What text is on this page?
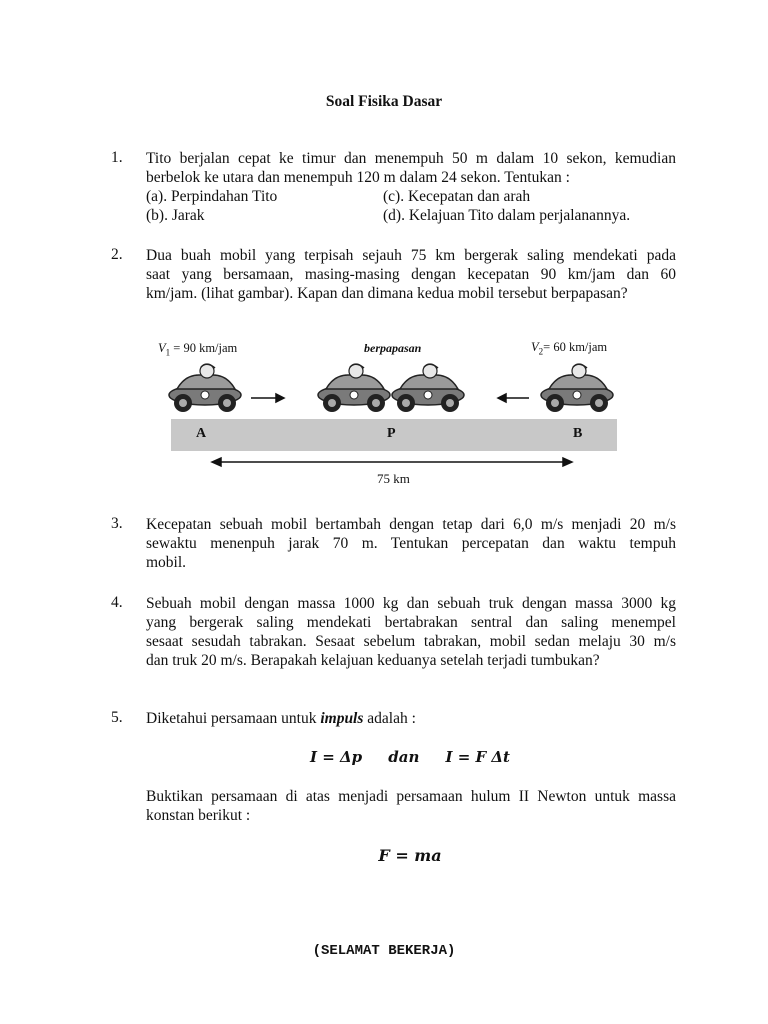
Soal Fisika Dasar
1. Tito berjalan cepat ke timur dan menempuh 50 m dalam 10 sekon, kemudian
berbelok ke utara dan menempuh 120 m dalam 24 sekon. Tentukan :
(a). Perpindahan Tito	(c). Kecepatan dan arah
(b). Jarak	(d). Kelajuan Tito dalam perjalanannya.
2. Dua buah mobil yang terpisah sejauh 75 km bergerak saling mendekati pada
saat yang bersamaan, masing-masing dengan kecepatan 90 km/jam dan 60
km/jam. (lihat gambar). Kapan dan dimana kedua mobil tersebut berpapasan?
$V_1 = 90$ km/jam	berpapasan	$V_2= 60$ km/jam
A	P	B
75 km
3. Kecepatan sebuah mobil bertambah dengan tetap dari 6,0 m/s menjadi 20 m/s
sewaktu menenpuh jarak 70 m. Tentukan percepatan dan waktu tempuh
mobil.
4. Sebuah mobil dengan massa 1000 kg dan sebuah truk dengan massa 3000 kg
yang bergerak saling mendekati bertabrakan sentral dan saling menempel
sesaat sesudah tabrakan. Sesaat sebelum tabrakan, mobil sedan melaju 30 m/s
dan truk 20 m/s. Berapakah kelajuan keduanya setelah terjadi tumbukan?
5. Diketahui persamaan untuk impuls adalah :
I = Δp     dan     I = F Δt
Buktikan persamaan di atas menjadi persamaan hulum II Newton untuk massa
konstan berikut :
F = ma
(SELAMAT BEKERJA)
